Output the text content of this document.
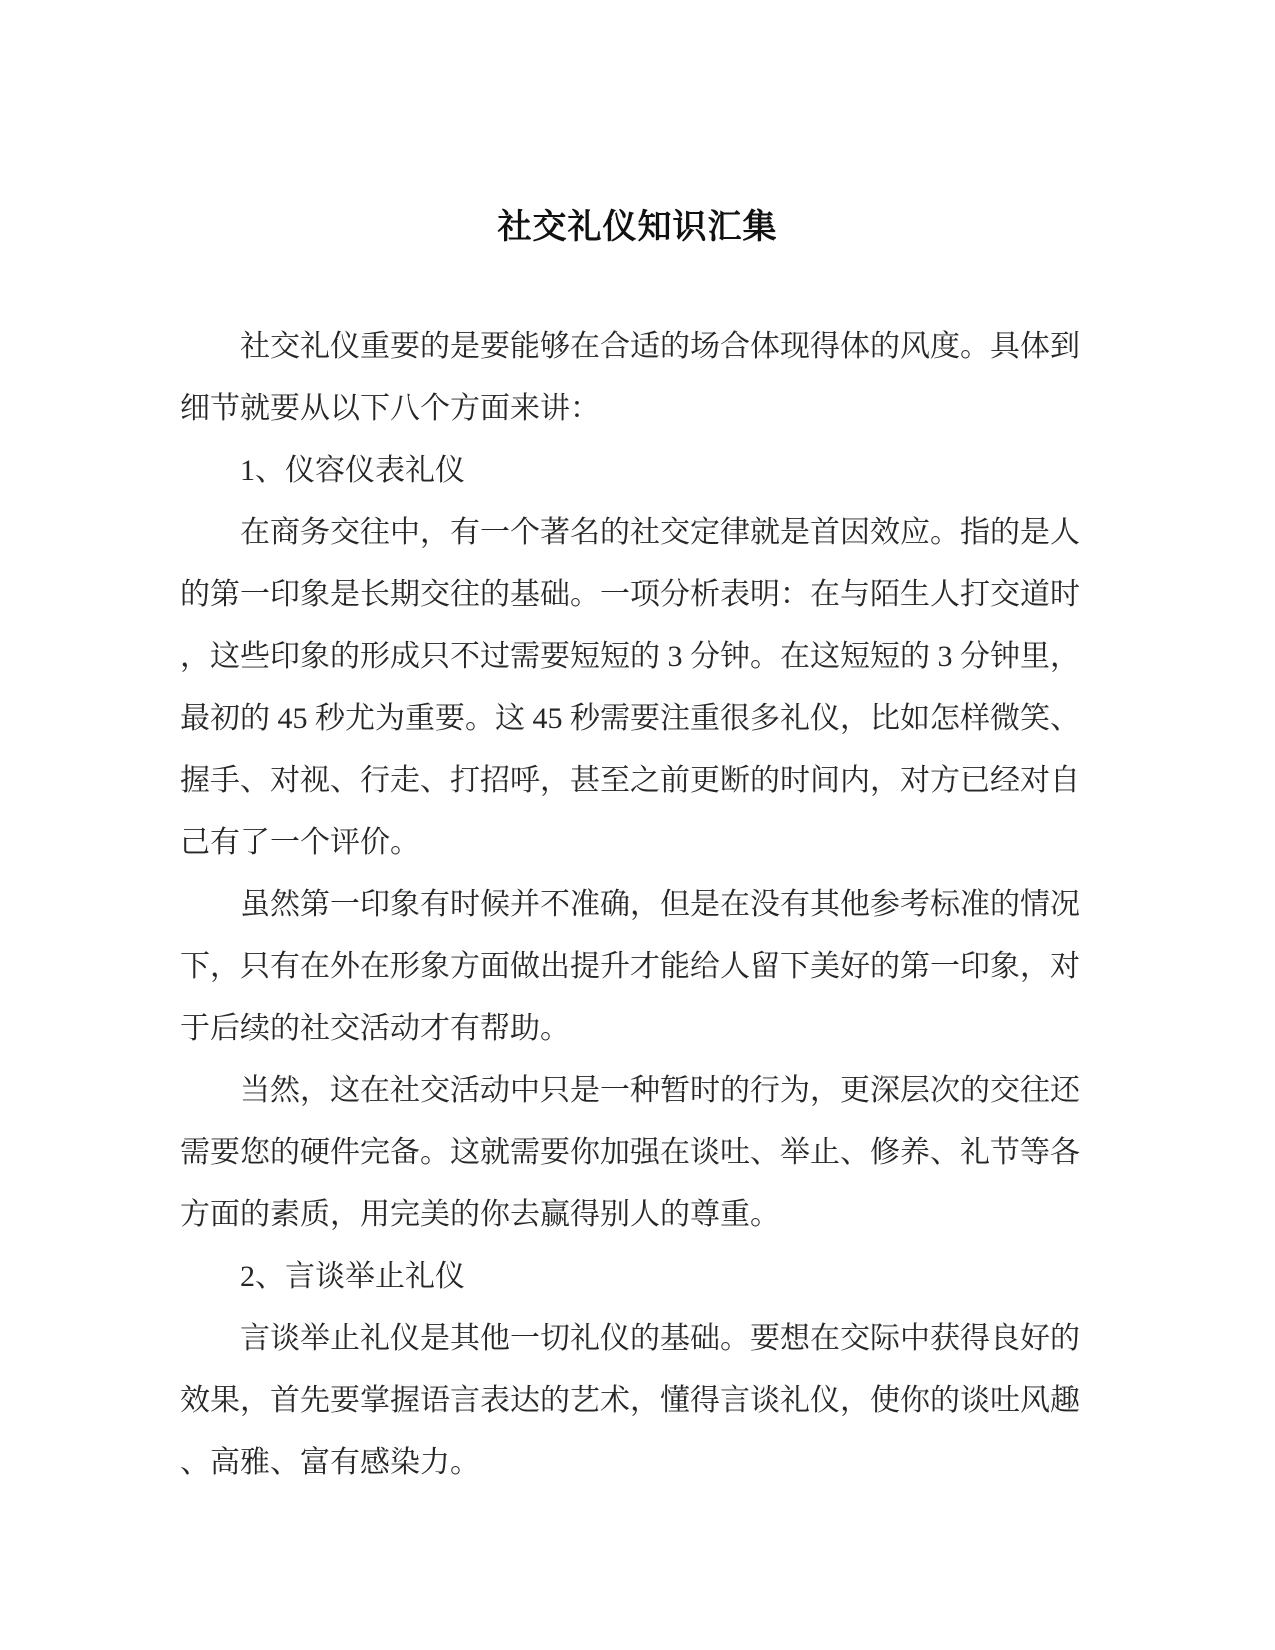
社交礼仪知识汇集
社交礼仪重要的是要能够在合适的场合体现得体的风度。具体到
细节就要从以下八个方面来讲：
1、仪容仪表礼仪
在商务交往中，有一个著名的社交定律就是首因效应。指的是人
的第一印象是长期交往的基础。一项分析表明：在与陌生人打交道时
，这些印象的形成只不过需要短短的 3 分钟。在这短短的 3 分钟里，
最初的 45 秒尤为重要。这 45 秒需要注重很多礼仪，比如怎样微笑、
握手、对视、行走、打招呼，甚至之前更断的时间内，对方已经对自
己有了一个评价。
虽然第一印象有时候并不准确，但是在没有其他参考标准的情况
下，只有在外在形象方面做出提升才能给人留下美好的第一印象，对
于后续的社交活动才有帮助。
当然，这在社交活动中只是一种暂时的行为，更深层次的交往还
需要您的硬件完备。这就需要你加强在谈吐、举止、修养、礼节等各
方面的素质，用完美的你去赢得别人的尊重。
2、言谈举止礼仪
言谈举止礼仪是其他一切礼仪的基础。要想在交际中获得良好的
效果，首先要掌握语言表达的艺术，懂得言谈礼仪，使你的谈吐风趣
、高雅、富有感染力。
